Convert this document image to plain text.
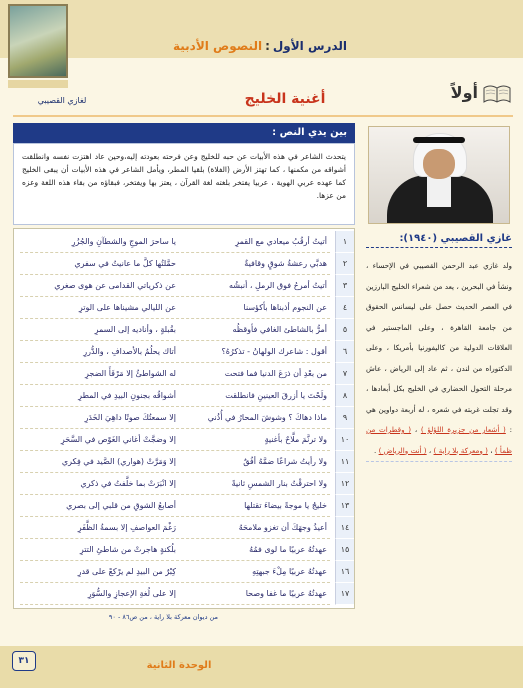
الدرس الأول:النصوص الأدبية
أولاً
أغنية الخليج
لغازي القصيبي
بين يدي النص :
يتحدث الشاعر في هذه الأبيات عن حبه للخليج وعن فرحته بعودته إليه،وحين عاد اهتزت نفسه وانطلقت أشواقه من مكمنها ، كما تهتز الأرض (الفلاة) بلقيا المطر، ويأمل الشاعر في هذه الأبيات أن يبقى الخليج كما عهده عربي الهوية ، عربيا يفتخر بلغته لغة القرآن ، يعتز بها ويفتخر، فبقاؤه من بقاء هذه اللغة وعزه من عزها.
غازي القصيبي (١٩٤٠):

ولد غازي عبد الرحمن القصيبي في الإحساء ، ونشأ في البحرين ، يعد من شعراء الخليج البارزين في العصر الحديث حصل على ليسانس الحقوق من جامعة القاهرة ، وعلى الماجستير في العلاقات الدولية من كاليفورنيا بأمريكا ، وعلى الدكتوراه من لندن ، ثم عاد إلى الرياض ، عاش مرحلة التحول الحضاري في الخليج بكل أبعادها ، وقد تجلت غربته في شعره ، له أربعة دواوين هي : ( أشعار من جزيرة اللؤلؤ ) ، ( وقطرات من ظمأ ) ، ( ومعركة بلا راية ) ، ( أنت والرياض ) .

١
أتيتُ أرقُبُ ميعادي مع القمرِ
يا ساحرَ الموجِ والشطآنِ والجُزُرِ
٢
هدبَّي رعشةُ شوقٍ وقافيةٌ
حمَّلتُها كلَّ ما عانيتُ في سفري
٣
أتيتُ أمرحُ فوق الرملِ ، أنبشُه
عن ذكرياتي القدامى عن هوى صغري
٤
عن النجوم أذبناها بأكؤسنا
عن الليالي مشيناها على الوترِ
٥
أمرُّ بالشاطئ الغافي فأوقظُه
بقُبلةٍ ، وأناديه إلى السمرِ
٦
أقول : شاعرك الولهانُ - تذكرُهُ؟
أتاك يحلُمُ بالأصدافِ ، والدُّررِ
٧
من بعْدِ أن ذرَعَ الدنيا فما فتحت
له الشواطئُ إلا مَرْفَأَ الضجرِ
٨
ولَحْتَ يا أزرقَ العينينِ فانطلقت
أشواقُه بجنونِ البيدِ في المطرِ
٩
ماذا دهاكَ ؟ وشوشَ المحارُ في أُذُني
إلا سمعتُكَ صوتًا داهِيَ الخَدَرِ
١٠
ولا ترنَّمَ ملَّاحٌ بأغنيةٍ
إلا وضجَّتْ أغاني الغَوْص في السَّحَرِ
١١
ولا رأيتُ شراعًا ضمَّهُ أفُقٌ
إلا وَمَرَّتْ (هواري) الصَّيد في فِكري
١٢
ولا احترقْتُ بنار الشمسِ ثانيةً
إلا انْبَرَتْ بما خلَّفتُ في ذكري
١٣
خليجُ يا موجةً بيضاءَ تقتلها
أصابعُ الشوقِ من قلبي إلى بصري
١٤
أعيذُ وجهَكَ أن تغزو ملامحَهُ
رَغْمَ العواصفِ إلا بسمةُ الظَّفَرِ
١٥
عهدتُهُ عربيًا ما لوى فمُهُ
بلُكنةٍ هاجرتْ من شاطئِ التترِ
١٦
عهدتُهُ عربيًا مِلْءَ جبهتِهِ
كِبْرٌ من البيدِ لم يرْكعْ على قدرِ
١٧
عهدتُهُ عربيًا ما غفا وصحا
إلا على لُغةِ الإعجازِ والسُّوَرِ
من ديوان معركة بلا راية ، من ص٨٦ - ٩٠
٣١	الوحدة الثانية
